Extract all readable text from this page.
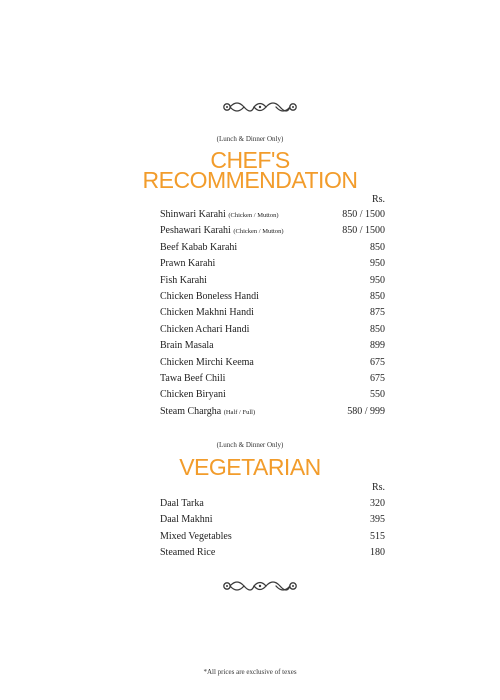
(Lunch & Dinner Only)
CHEF'S
RECOMMENDATION
Rs.
Shinwari Karahi (Chicken / Mutton)	850 / 1500
Peshawari Karahi (Chicken / Mutton)	850 / 1500
Beef Kabab Karahi	850
Prawn Karahi	950
Fish Karahi	950
Chicken Boneless Handi	850
Chicken Makhni Handi	875
Chicken Achari Handi	850
Brain Masala	899
Chicken Mirchi Keema	675
Tawa Beef Chili	675
Chicken Biryani	550
Steam Chargha (Half / Full)	580 / 999
(Lunch & Dinner Only)
VEGETARIAN
Rs.
Daal Tarka	320
Daal Makhni	395
Mixed Vegetables	515
Steamed Rice	180
*All prices are exclusive of texes
